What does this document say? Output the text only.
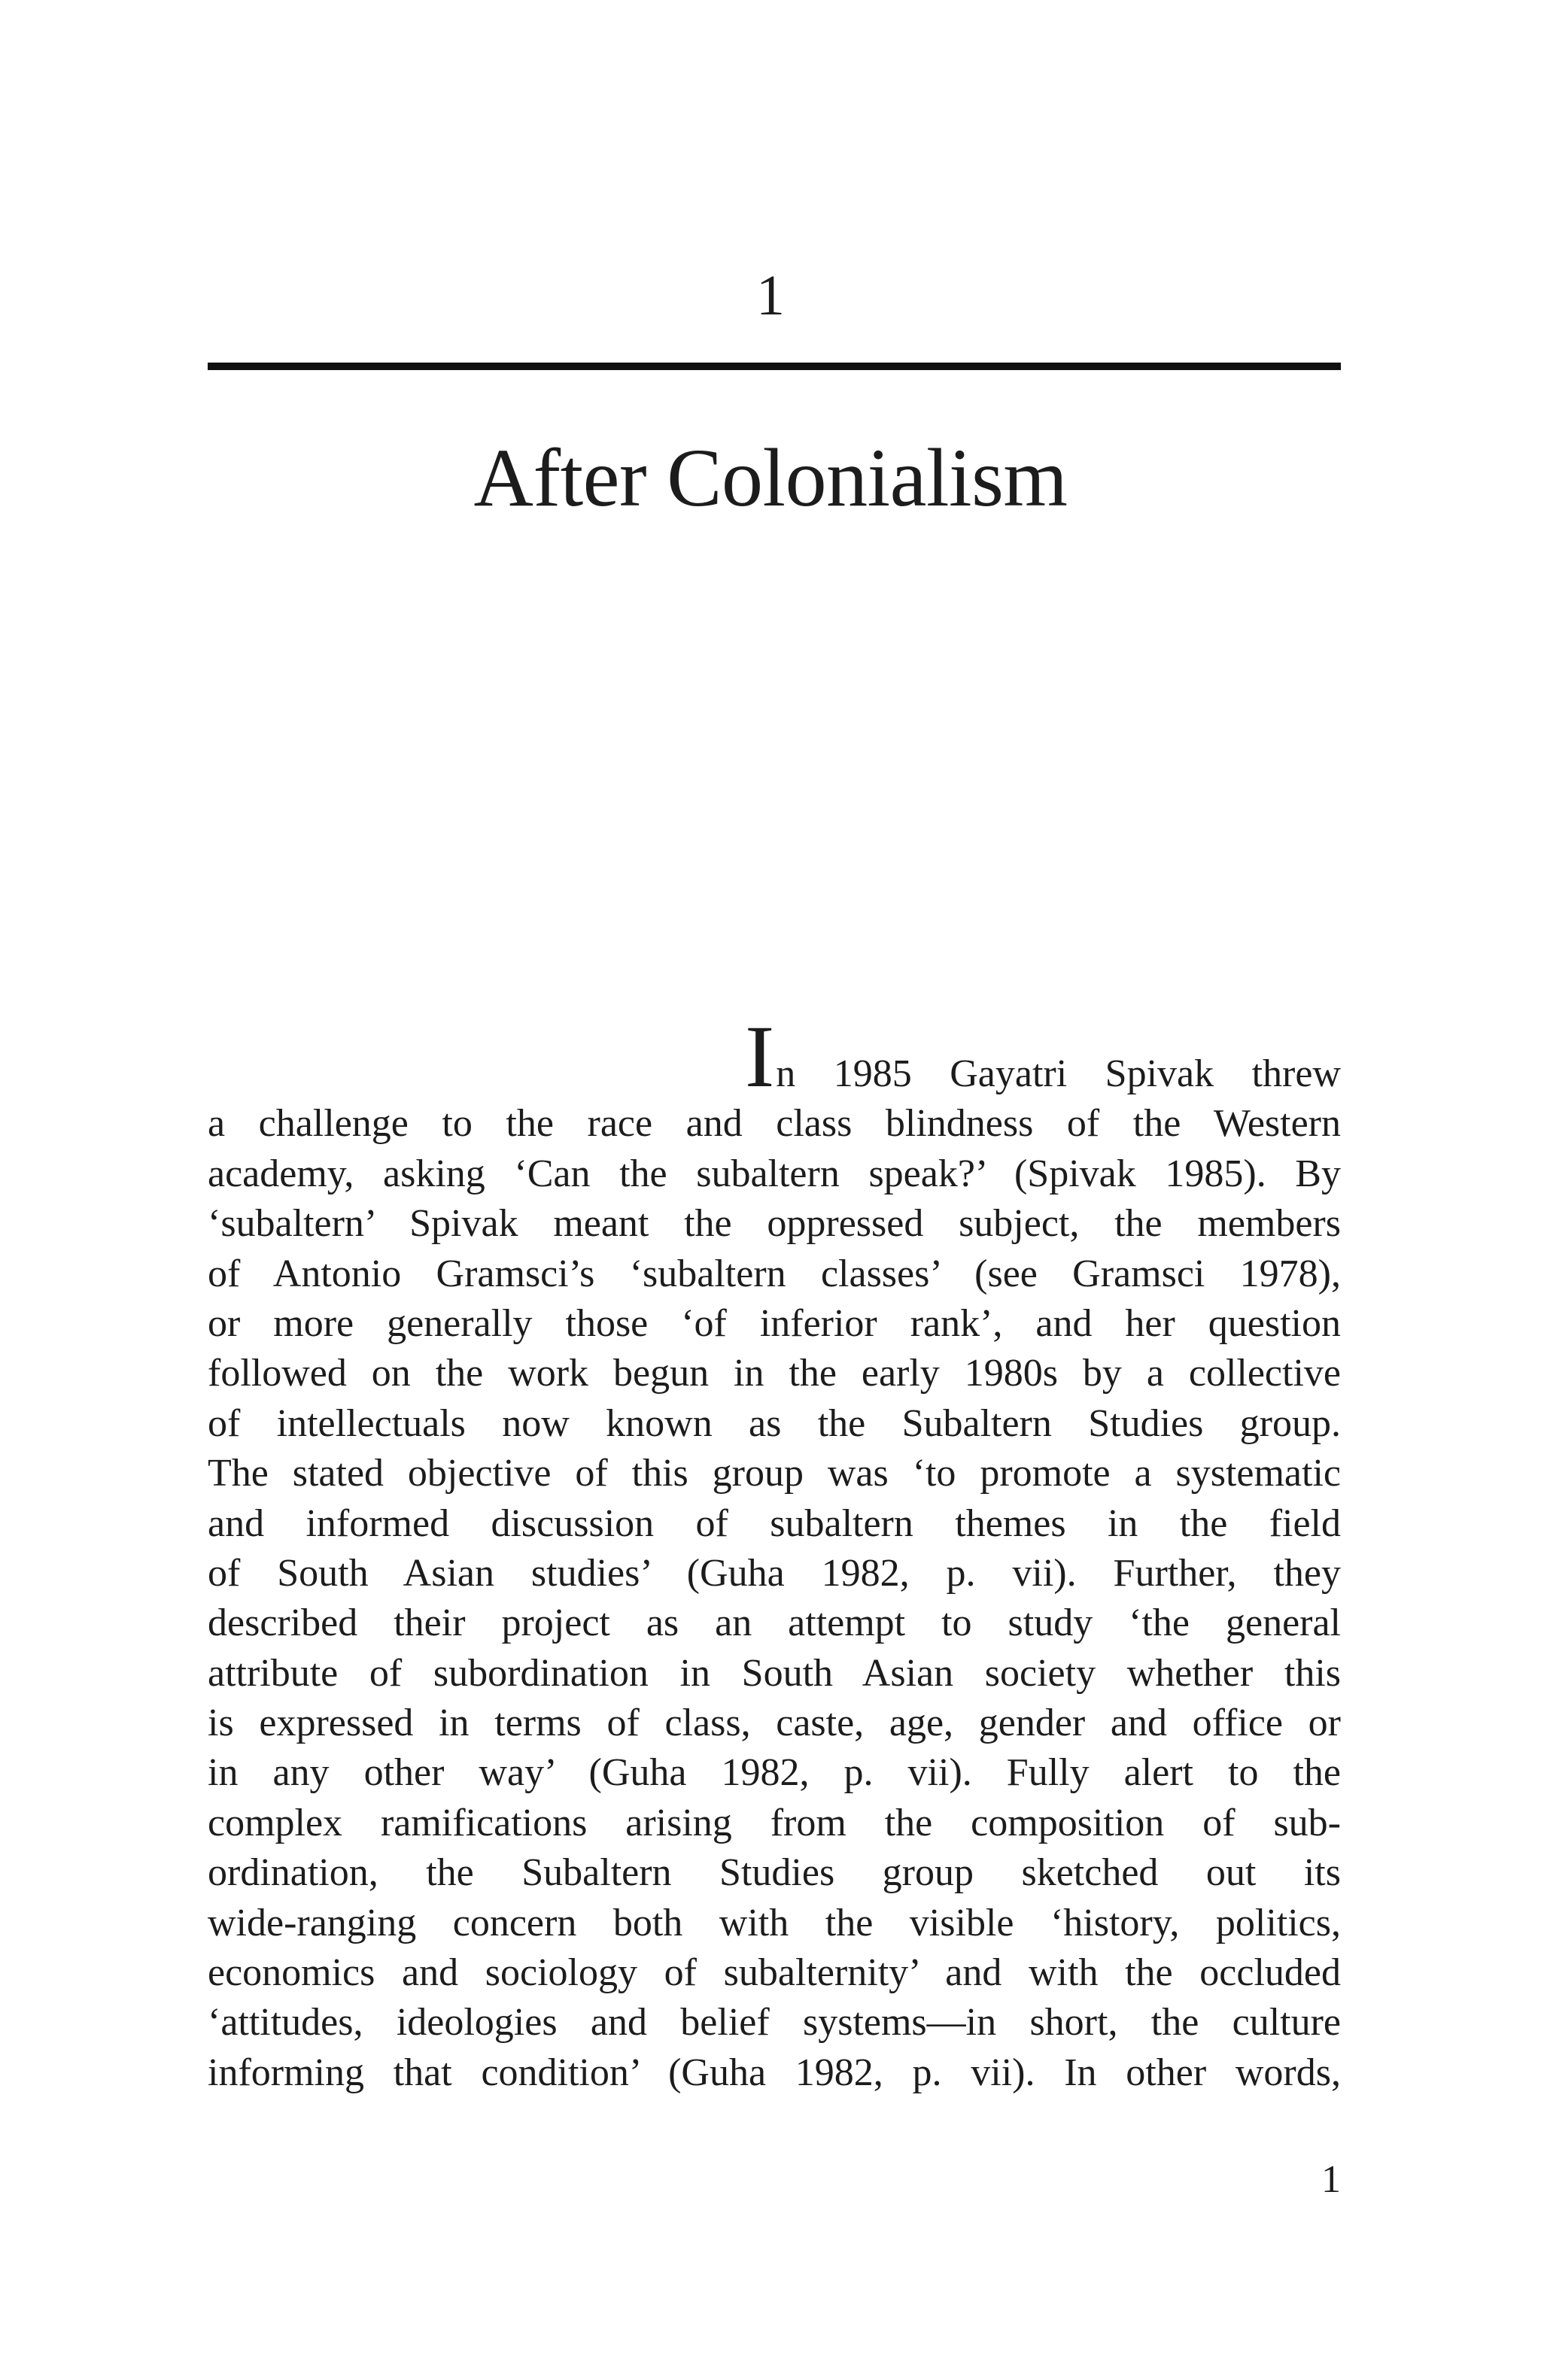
1
After Colonialism
In 1985 Gayatri Spivak threw
a challenge to the race and class blindness of the Western
academy, asking ‘Can the subaltern speak?’ (Spivak 1985). By
‘subaltern’ Spivak meant the oppressed subject, the members
of Antonio Gramsci’s ‘subaltern classes’ (see Gramsci 1978),
or more generally those ‘of inferior rank’, and her question
followed on the work begun in the early 1980s by a collective
of intellectuals now known as the Subaltern Studies group.
The stated objective of this group was ‘to promote a systematic
and informed discussion of subaltern themes in the field
of South Asian studies’ (Guha 1982, p. vii). Further, they
described their project as an attempt to study ‘the general
attribute of subordination in South Asian society whether this
is expressed in terms of class, caste, age, gender and office or
in any other way’ (Guha 1982, p. vii). Fully alert to the
complex ramifications arising from the composition of sub-
ordination, the Subaltern Studies group sketched out its
wide-ranging concern both with the visible ‘history, politics,
economics and sociology of subalternity’ and with the occluded
‘attitudes, ideologies and belief systems—in short, the culture
informing that condition’ (Guha 1982, p. vii). In other words,
1
